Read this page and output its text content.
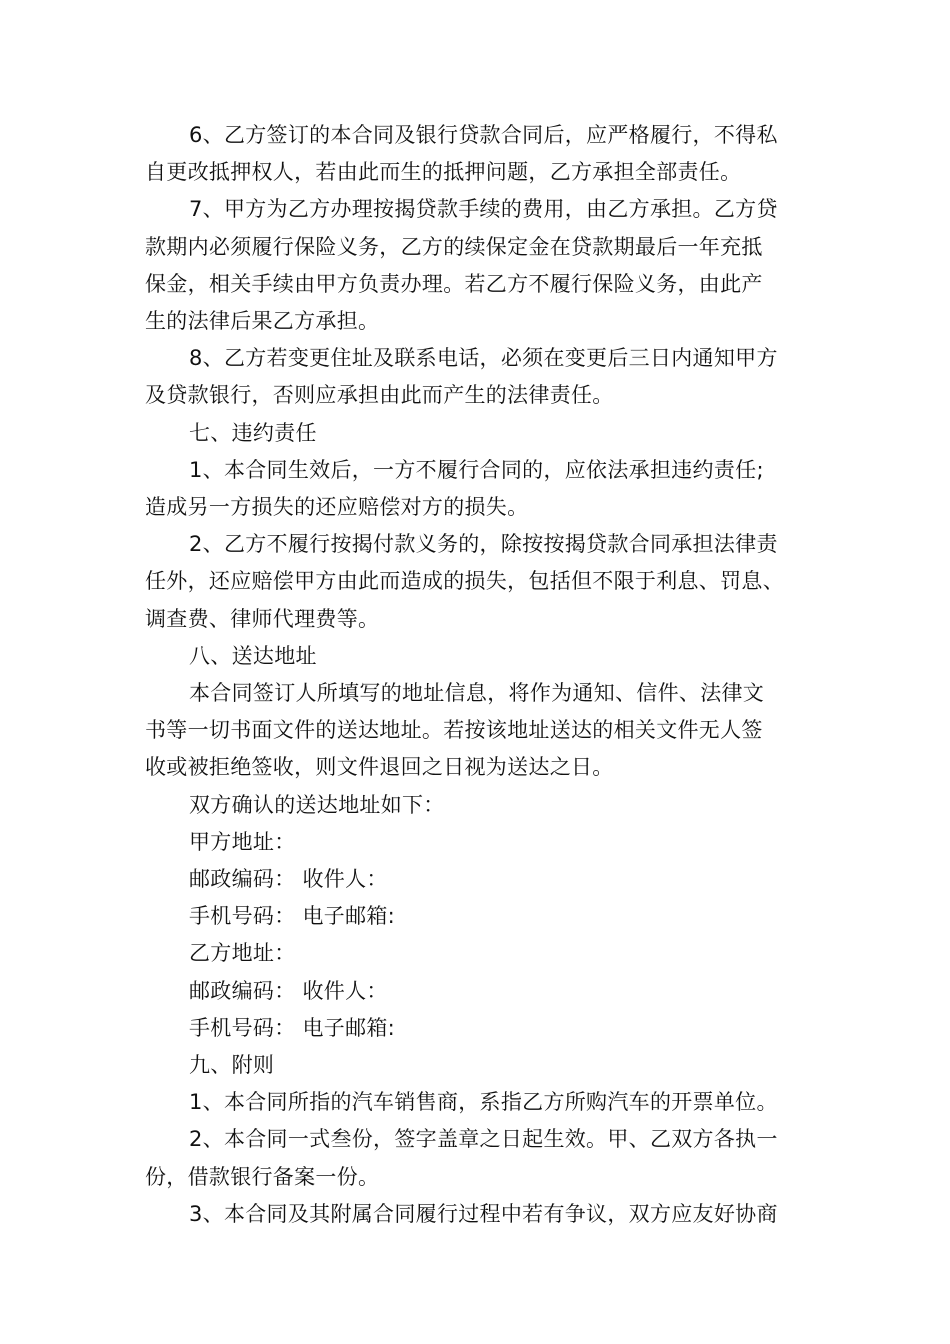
6、乙方签订的本合同及银行贷款合同后，应严格履行，不得私
自更改抵押权人，若由此而生的抵押问题，乙方承担全部责任。
7、甲方为乙方办理按揭贷款手续的费用，由乙方承担。乙方贷
款期内必须履行保险义务，乙方的续保定金在贷款期最后一年充抵
保金，相关手续由甲方负责办理。若乙方不履行保险义务，由此产
生的法律后果乙方承担。
8、乙方若变更住址及联系电话，必须在变更后三日内通知甲方
及贷款银行，否则应承担由此而产生的法律责任。
七、违约责任
1、本合同生效后，一方不履行合同的，应依法承担违约责任;
造成另一方损失的还应赔偿对方的损失。
2、乙方不履行按揭付款义务的，除按按揭贷款合同承担法律责
任外，还应赔偿甲方由此而造成的损失，包括但不限于利息、罚息、
调查费、律师代理费等。
八、送达地址
本合同签订人所填写的地址信息，将作为通知、信件、法律文
书等一切书面文件的送达地址。若按该地址送达的相关文件无人签
收或被拒绝签收，则文件退回之日视为送达之日。
双方确认的送达地址如下：
甲方地址：
邮政编码： 收件人：
手机号码： 电子邮箱:
乙方地址：
邮政编码： 收件人：
手机号码： 电子邮箱:
九、附则
1、本合同所指的汽车销售商，系指乙方所购汽车的开票单位。
2、本合同一式叁份，签字盖章之日起生效。甲、乙双方各执一
份，借款银行备案一份。
3、本合同及其附属合同履行过程中若有争议，双方应友好协商
